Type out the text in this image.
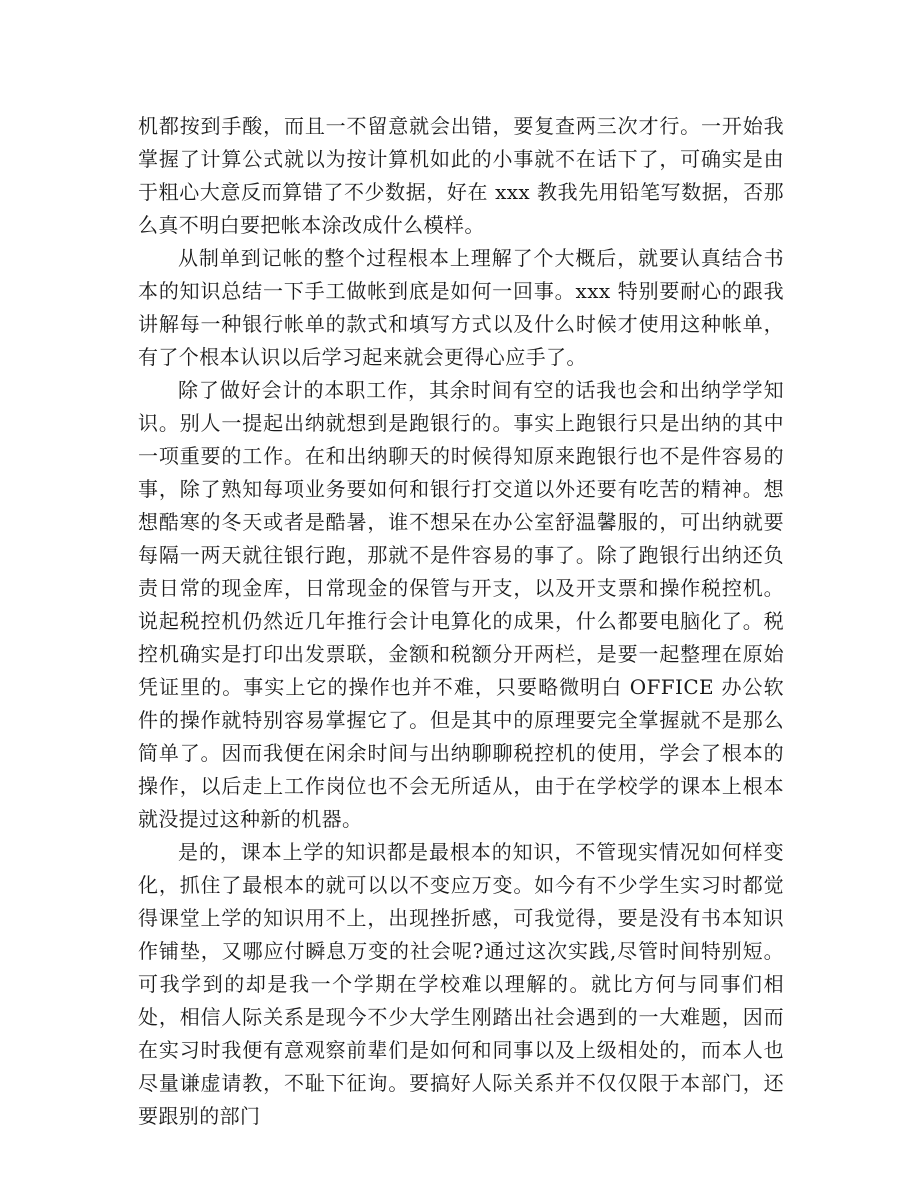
机都按到手酸，而且一不留意就会出错，要复查两三次才行。一开始我掌握了计算公式就以为按计算机如此的小事就不在话下了，可确实是由于粗心大意反而算错了不少数据，好在 xxx 教我先用铅笔写数据，否那么真不明白要把帐本涂改成什么模样。

从制单到记帐的整个过程根本上理解了个大概后，就要认真结合书本的知识总结一下手工做帐到底是如何一回事。xxx 特别要耐心的跟我讲解每一种银行帐单的款式和填写方式以及什么时候才使用这种帐单，有了个根本认识以后学习起来就会更得心应手了。

除了做好会计的本职工作，其余时间有空的话我也会和出纳学学知识。别人一提起出纳就想到是跑银行的。事实上跑银行只是出纳的其中一项重要的工作。在和出纳聊天的时候得知原来跑银行也不是件容易的事，除了熟知每项业务要如何和银行打交道以外还要有吃苦的精神。想想酷寒的冬天或者是酷暑，谁不想呆在办公室舒温馨服的，可出纳就要每隔一两天就往银行跑，那就不是件容易的事了。除了跑银行出纳还负责日常的现金库，日常现金的保管与开支，以及开支票和操作税控机。说起税控机仍然近几年推行会计电算化的成果，什么都要电脑化了。税控机确实是打印出发票联，金额和税额分开两栏，是要一起整理在原始凭证里的。事实上它的操作也并不难，只要略微明白 OFFICE 办公软件的操作就特别容易掌握它了。但是其中的原理要完全掌握就不是那么简单了。因而我便在闲余时间与出纳聊聊税控机的使用，学会了根本的操作，以后走上工作岗位也不会无所适从，由于在学校学的课本上根本就没提过这种新的机器。

是的，课本上学的知识都是最根本的知识，不管现实情况如何样变化，抓住了最根本的就可以以不变应万变。如今有不少学生实习时都觉得课堂上学的知识用不上，出现挫折感，可我觉得，要是没有书本知识作铺垫，又哪应付瞬息万变的社会呢?通过这次实践,尽管时间特别短。可我学到的却是我一个学期在学校难以理解的。就比方何与同事们相处，相信人际关系是现今不少大学生刚踏出社会遇到的一大难题，因而在实习时我便有意观察前辈们是如何和同事以及上级相处的，而本人也尽量谦虚请教，不耻下征询。要搞好人际关系并不仅仅限于本部门，还要跟别的部门
